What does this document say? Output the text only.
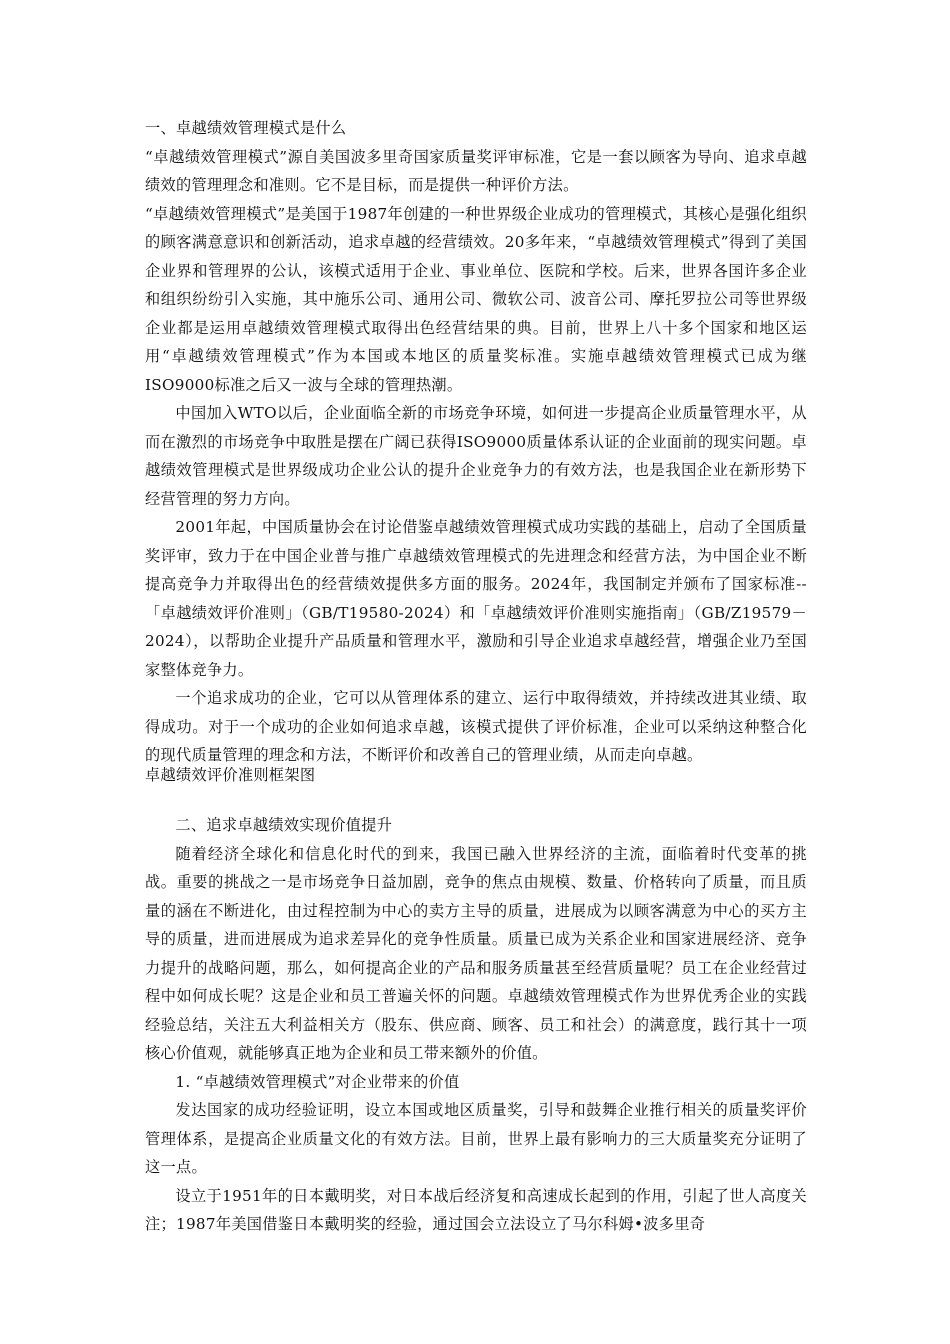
一、卓越绩效管理模式是什么

“卓越绩效管理模式”源自美国波多里奇国家质量奖评审标准，它是一套以顾客为导向、追求卓越绩效的管理理念和准则。它不是目标，而是提供一种评价方法。

“卓越绩效管理模式”是美国于1987年创建的一种世界级企业成功的管理模式，其核心是强化组织的顾客满意意识和创新活动，追求卓越的经营绩效。20多年来，“卓越绩效管理模式”得到了美国企业界和管理界的公认，该模式适用于企业、事业单位、医院和学校。后来，世界各国许多企业和组织纷纷引入实施，其中施乐公司、通用公司、微软公司、波音公司、摩托罗拉公司等世界级企业都是运用卓越绩效管理模式取得出色经营结果的典。目前，世界上八十多个国家和地区运用“卓越绩效管理模式”作为本国或本地区的质量奖标准。实施卓越绩效管理模式已成为继ISO9000标准之后又一波与全球的管理热潮。

中国加入WTO以后，企业面临全新的市场竞争环境，如何进一步提高企业质量管理水平，从而在激烈的市场竞争中取胜是摆在广阔已获得ISO9000质量体系认证的企业面前的现实问题。卓越绩效管理模式是世界级成功企业公认的提升企业竞争力的有效方法，也是我国企业在新形势下经营管理的努力方向。

2001年起，中国质量协会在讨论借鉴卓越绩效管理模式成功实践的基础上，启动了全国质量奖评审，致力于在中国企业普与推广卓越绩效管理模式的先进理念和经营方法，为中国企业不断提高竞争力并取得出色的经营绩效提供多方面的服务。2024年，我国制定并颁布了国家标准--「卓越绩效评价准则」（GB/T19580-2024）和「卓越绩效评价准则实施指南」（GB/Z19579－2024），以帮助企业提升产品质量和管理水平，激励和引导企业追求卓越经营，增强企业乃至国家整体竞争力。

一个追求成功的企业，它可以从管理体系的建立、运行中取得绩效，并持续改进其业绩、取得成功。对于一个成功的企业如何追求卓越，该模式提供了评价标准，企业可以采纳这种整合化的现代质量管理的理念和方法，不断评价和改善自己的管理业绩，从而走向卓越。

卓越绩效评价准则框架图

二、追求卓越绩效实现价值提升

随着经济全球化和信息化时代的到来，我国已融入世界经济的主流，面临着时代变革的挑战。重要的挑战之一是市场竞争日益加剧，竞争的焦点由规模、数量、价格转向了质量，而且质量的涵在不断进化，由过程控制为中心的卖方主导的质量，进展成为以顾客满意为中心的买方主导的质量，进而进展成为追求差异化的竞争性质量。质量已成为关系企业和国家进展经济、竞争力提升的战略问题，那么，如何提高企业的产品和服务质量甚至经营质量呢？员工在企业经营过程中如何成长呢？这是企业和员工普遍关怀的问题。卓越绩效管理模式作为世界优秀企业的实践经验总结，关注五大利益相关方（股东、供应商、顾客、员工和社会）的满意度，践行其十一项核心价值观，就能够真正地为企业和员工带来额外的价值。

1. “卓越绩效管理模式”对企业带来的价值

发达国家的成功经验证明，设立本国或地区质量奖，引导和鼓舞企业推行相关的质量奖评价管理体系，是提高企业质量文化的有效方法。目前，世界上最有影响力的三大质量奖充分证明了这一点。

设立于1951年的日本戴明奖，对日本战后经济复和高速成长起到的作用，引起了世人高度关注；1987年美国借鉴日本戴明奖的经验，通过国会立法设立了马尔科姆•波多里奇
